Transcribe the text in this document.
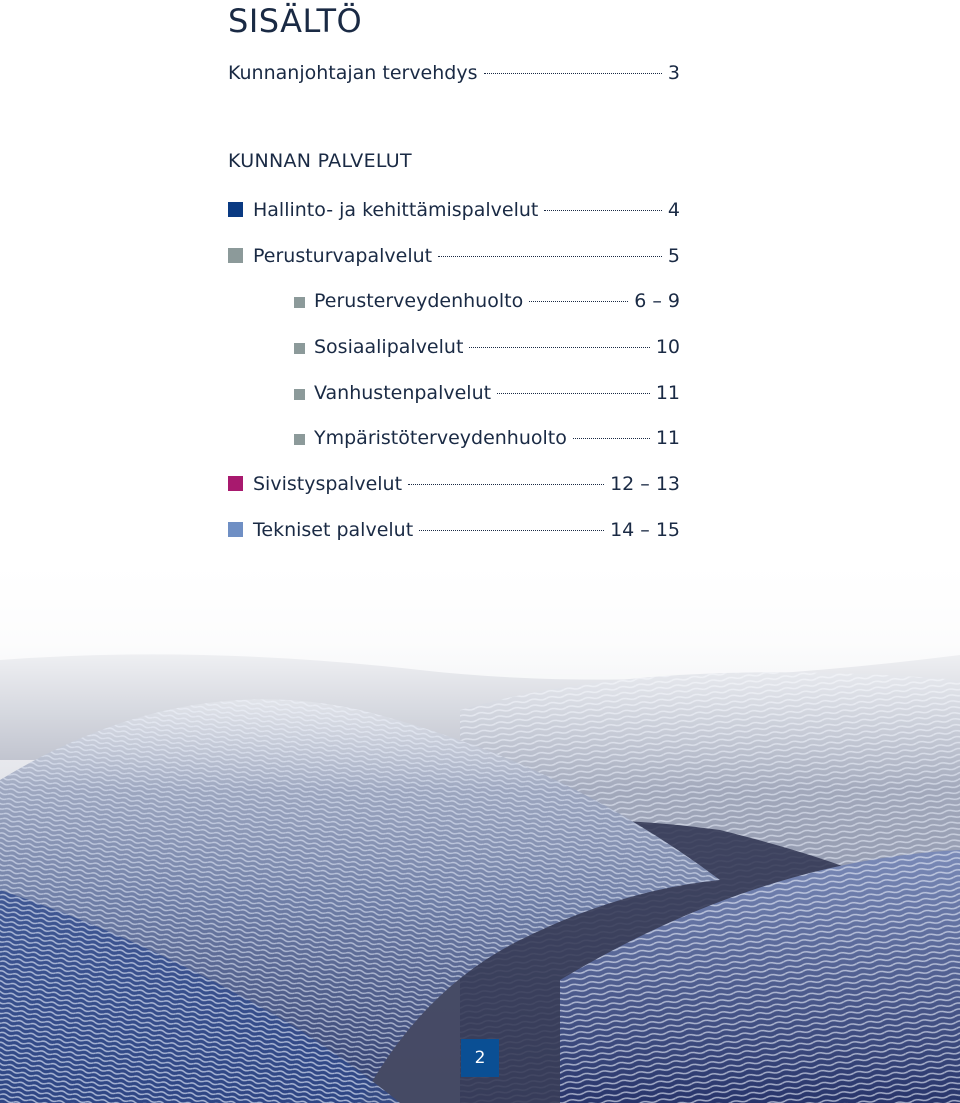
SISÄLTÖ
Kunnanjohtajan tervehdys	3
KUNNAN PALVELUT
Hallinto- ja kehittämispalvelut	4
Perusturvapalvelut	5
Perusterveydenhuolto	6 – 9
Sosiaalipalvelut	10
Vanhustenpalvelut	11
Ympäristöterveydenhuolto	11
Sivistyspalvelut	12 – 13
Tekniset palvelut	14 – 15
2
